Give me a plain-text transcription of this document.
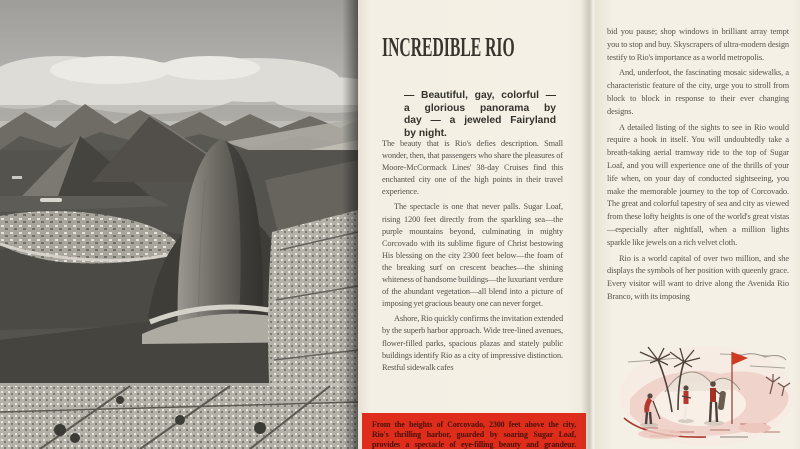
INCREDIBLE RIO
— Beautiful, gay, colorful —
a glorious panorama by
day — a jeweled Fairyland
by night.

The beauty that is Rio's defies description. Small wonder, then, that passengers who share the pleasures of Moore-McCormack Lines' 38-day Cruises find this enchanted city one of the high points in their travel experience.

The spectacle is one that never palls. Sugar Loaf, rising 1200 feet directly from the sparkling sea—the purple mountains beyond, culminating in mighty Corcovado with its sublime figure of Christ bestowing His blessing on the city 2300 feet below—the foam of the breaking surf on crescent beaches—the shining whiteness of handsome buildings—the luxuriant verdure of the abundant vegetation—all blend into a picture of imposing yet gracious beauty one can never forget.

Ashore, Rio quickly confirms the invitation extended by the superb harbor approach. Wide tree-lined avenues, flower-filled parks, spacious plazas and stately public buildings identify Rio as a city of impressive distinction. Restful sidewalk cafes

From the heights of Corcovado, 2300 feet above the city,
Rio's thrilling harbor, guarded by soaring Sugar Loaf,
provides a spectacle of eye-filling beauty and grandeur.

bid you pause; shop windows in brilliant array tempt you to stop and buy. Skyscrapers of ultra-modern design testify to Rio's importance as a world metropolis.

And, underfoot, the fascinating mosaic sidewalks, a characteristic feature of the city, urge you to stroll from block to block in response to their ever changing designs.

A detailed listing of the sights to see in Rio would require a book in itself. You will undoubtedly take a breath-taking aerial tramway ride to the top of Sugar Loaf, and you will experience one of the thrills of your life when, on your day of conducted sightseeing, you make the memorable journey to the top of Corcovado. The great and colorful tapestry of sea and city as viewed from these lofty heights is one of the world's great vistas—especially after nightfall, when a million lights sparkle like jewels on a rich velvet cloth.

Rio is a world capital of over two million, and she displays the symbols of her position with queenly grace. Every visitor will want to drive along the Avenida Rio Branco, with its imposing
